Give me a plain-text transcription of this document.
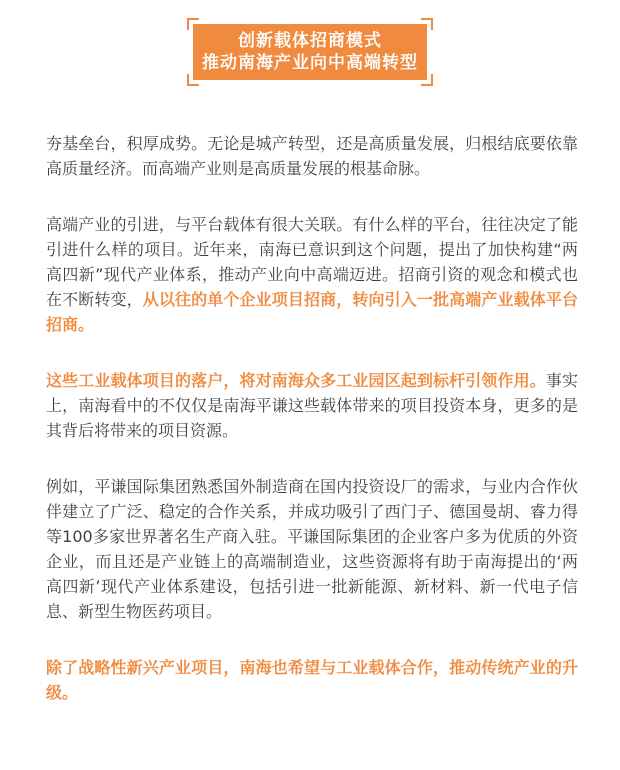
创新载体招商模式
推动南海产业向中高端转型

夯基垒台，积厚成势。无论是城产转型，还是高质量发展，归根结底要依靠高质量经济。而高端产业则是高质量发展的根基命脉。

高端产业的引进，与平台载体有很大关联。有什么样的平台，往往决定了能引进什么样的项目。近年来，南海已意识到这个问题，提出了加快构建“两高四新”现代产业体系，推动产业向中高端迈进。招商引资的观念和模式也在不断转变，从以往的单个企业项目招商，转向引入一批高端产业载体平台招商。

这些工业载体项目的落户，将对南海众多工业园区起到标杆引领作用。事实上，南海看中的不仅仅是南海平谦这些载体带来的项目投资本身，更多的是其背后将带来的项目资源。

例如，平谦国际集团熟悉国外制造商在国内投资设厂的需求，与业内合作伙伴建立了广泛、稳定的合作关系，并成功吸引了西门子、德国曼胡、睿力得等100多家世界著名生产商入驻。平谦国际集团的企业客户多为优质的外资企业，而且还是产业链上的高端制造业，这些资源将有助于南海提出的‘两高四新’现代产业体系建设，包括引进一批新能源、新材料、新一代电子信息、新型生物医药项目。

除了战略性新兴产业项目，南海也希望与工业载体合作，推动传统产业的升级。
